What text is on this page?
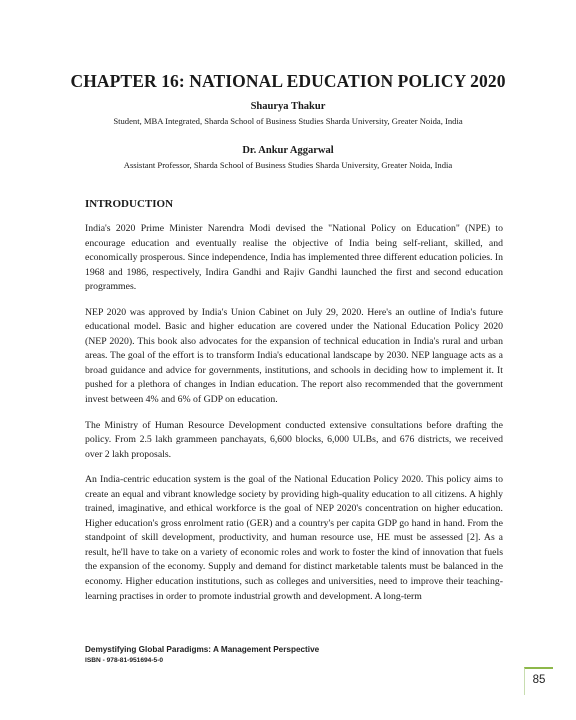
CHAPTER 16: NATIONAL EDUCATION POLICY 2020

Shaurya Thakur

Student, MBA Integrated, Sharda School of Business Studies Sharda University, Greater Noida, India

Dr. Ankur Aggarwal

Assistant Professor, Sharda School of Business Studies Sharda University, Greater Noida, India

INTRODUCTION

India's 2020 Prime Minister Narendra Modi devised the "National Policy on Education" (NPE) to encourage education and eventually realise the objective of India being self-reliant, skilled, and economically prosperous. Since independence, India has implemented three different education policies. In 1968 and 1986, respectively, Indira Gandhi and Rajiv Gandhi launched the first and second education programmes.

NEP 2020 was approved by India's Union Cabinet on July 29, 2020. Here's an outline of India's future educational model. Basic and higher education are covered under the National Education Policy 2020 (NEP 2020). This book also advocates for the expansion of technical education in India's rural and urban areas. The goal of the effort is to transform India's educational landscape by 2030. NEP language acts as a broad guidance and advice for governments, institutions, and schools in deciding how to implement it. It pushed for a plethora of changes in Indian education. The report also recommended that the government invest between 4% and 6% of GDP on education.

The Ministry of Human Resource Development conducted extensive consultations before drafting the policy. From 2.5 lakh grammeen panchayats, 6,600 blocks, 6,000 ULBs, and 676 districts, we received over 2 lakh proposals.

An India-centric education system is the goal of the National Education Policy 2020. This policy aims to create an equal and vibrant knowledge society by providing high-quality education to all citizens. A highly trained, imaginative, and ethical workforce is the goal of NEP 2020's concentration on higher education. Higher education's gross enrolment ratio (GER) and a country's per capita GDP go hand in hand. From the standpoint of skill development, productivity, and human resource use, HE must be assessed [2]. As a result, he'll have to take on a variety of economic roles and work to foster the kind of innovation that fuels the expansion of the economy. Supply and demand for distinct marketable talents must be balanced in the economy. Higher education institutions, such as colleges and universities, need to improve their teaching-learning practises in order to promote industrial growth and development. A long-term

Demystifying Global Paradigms: A Management Perspective

ISBN - 978-81-951694-5-0

85
